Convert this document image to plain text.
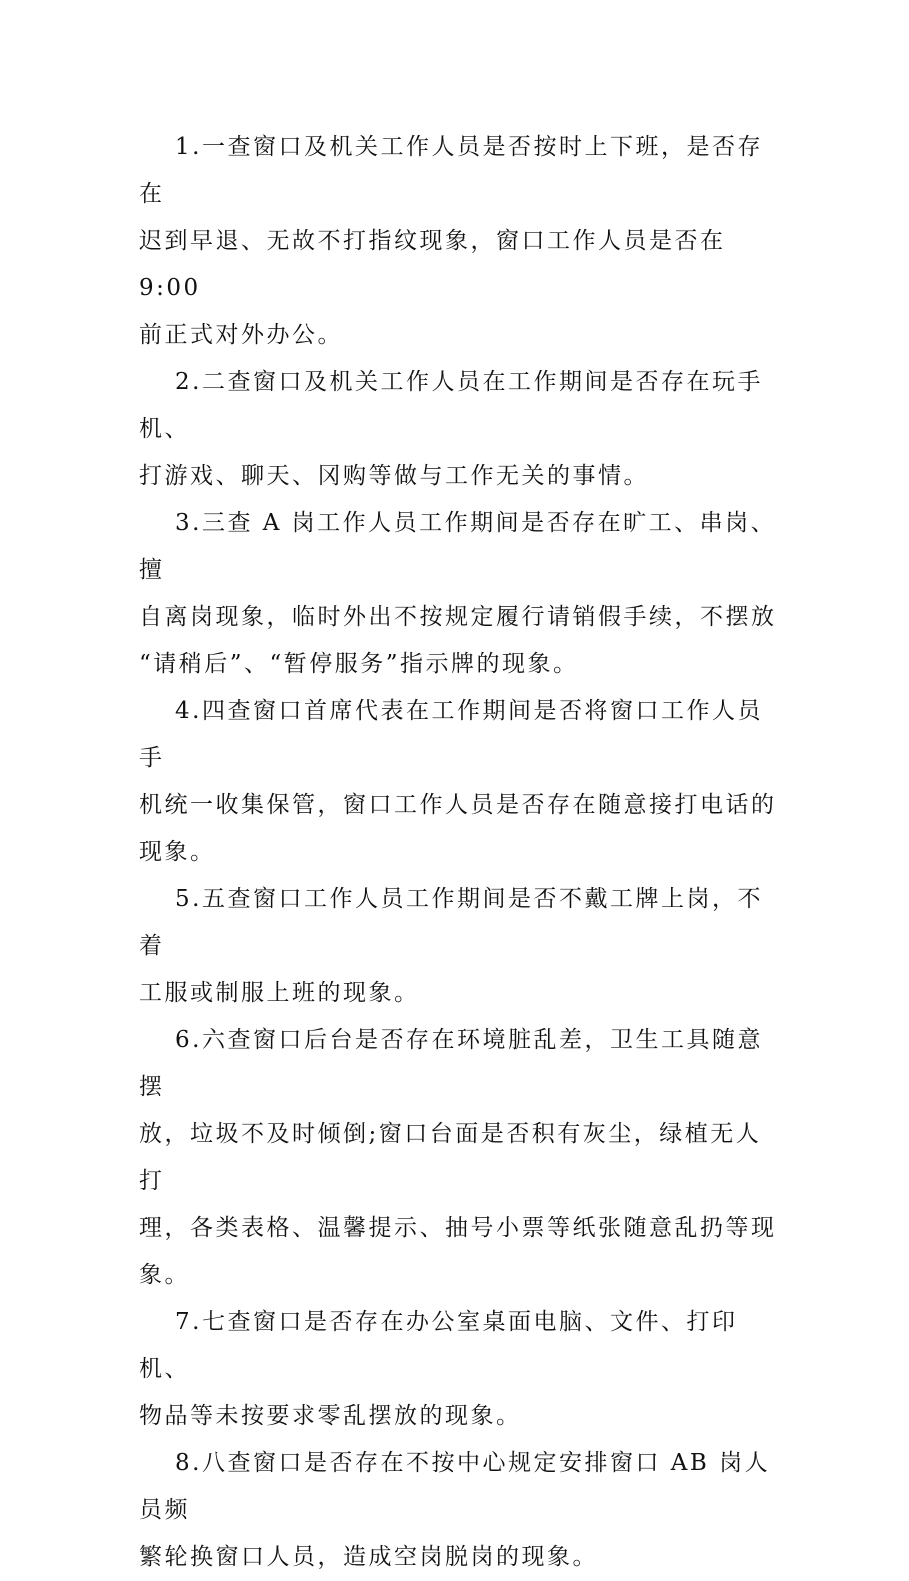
1.一查窗口及机关工作人员是否按时上下班，是否存在
迟到早退、无故不打指纹现象，窗口工作人员是否在 9:00
前正式对外办公。

2.二查窗口及机关工作人员在工作期间是否存在玩手机、
打游戏、聊天、冈购等做与工作无关的事情。

3.三查 A 岗工作人员工作期间是否存在旷工、串岗、擅
自离岗现象，临时外出不按规定履行请销假手续，不摆放
“请稍后”、“暂停服务”指示牌的现象。

4.四查窗口首席代表在工作期间是否将窗口工作人员手
机统一收集保管，窗口工作人员是否存在随意接打电话的
现象。

5.五查窗口工作人员工作期间是否不戴工牌上岗，不着
工服或制服上班的现象。

6.六查窗口后台是否存在环境脏乱差，卫生工具随意摆
放，垃圾不及时倾倒;窗口台面是否积有灰尘，绿植无人打
理，各类表格、温馨提示、抽号小票等纸张随意乱扔等现
象。

7.七查窗口是否存在办公室桌面电脑、文件、打印机、
物品等未按要求零乱摆放的现象。

8.八查窗口是否存在不按中心规定安排窗口 AB 岗人员频
繁轮换窗口人员，造成空岗脱岗的现象。
